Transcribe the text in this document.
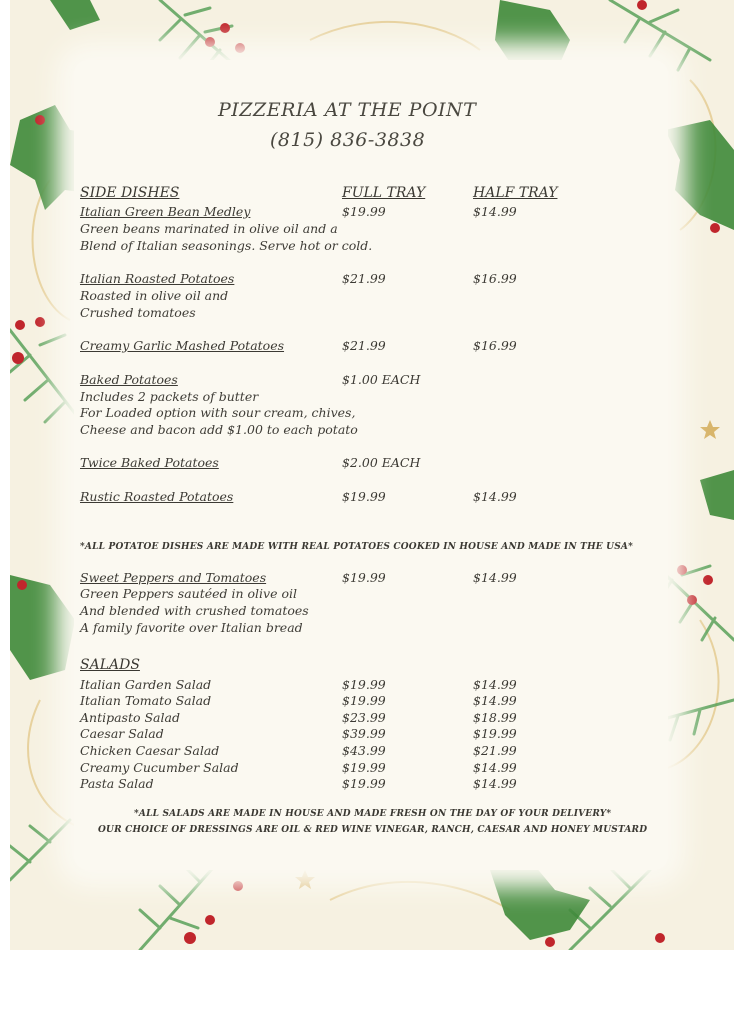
PIZZERIA AT THE POINT
(815) 836-3838
SIDE DISHES	FULL TRAY	HALF TRAY
Italian Green Bean Medley	$19.99	$14.99
Green beans marinated in olive oil and a
Blend of Italian seasonings. Serve hot or cold.
Italian Roasted Potatoes	$21.99	$16.99
Roasted in olive oil and
Crushed tomatoes
Creamy Garlic Mashed Potatoes	$21.99	$16.99
Baked Potatoes	$1.00 EACH
Includes 2 packets of butter
For Loaded option with sour cream, chives,
Cheese and bacon add $1.00 to each potato
Twice Baked Potatoes	$2.00 EACH
Rustic Roasted Potatoes	$19.99	$14.99
*ALL POTATOE DISHES ARE MADE WITH REAL POTATOES COOKED IN HOUSE AND MADE IN THE USA*
Sweet Peppers and Tomatoes	$19.99	$14.99
Green Peppers sautéed in olive oil
And blended with crushed tomatoes
A family favorite over Italian bread
SALADS
Italian Garden Salad	$19.99	$14.99
Italian Tomato Salad	$19.99	$14.99
Antipasto Salad	$23.99	$18.99
Caesar Salad	$39.99	$19.99
Chicken Caesar Salad	$43.99	$21.99
Creamy Cucumber Salad	$19.99	$14.99
Pasta Salad	$19.99	$14.99
*ALL SALADS ARE MADE IN HOUSE AND MADE FRESH ON THE DAY OF YOUR DELIVERY*
OUR CHOICE OF DRESSINGS ARE OIL & RED WINE VINEGAR, RANCH, CAESAR AND HONEY MUSTARD
